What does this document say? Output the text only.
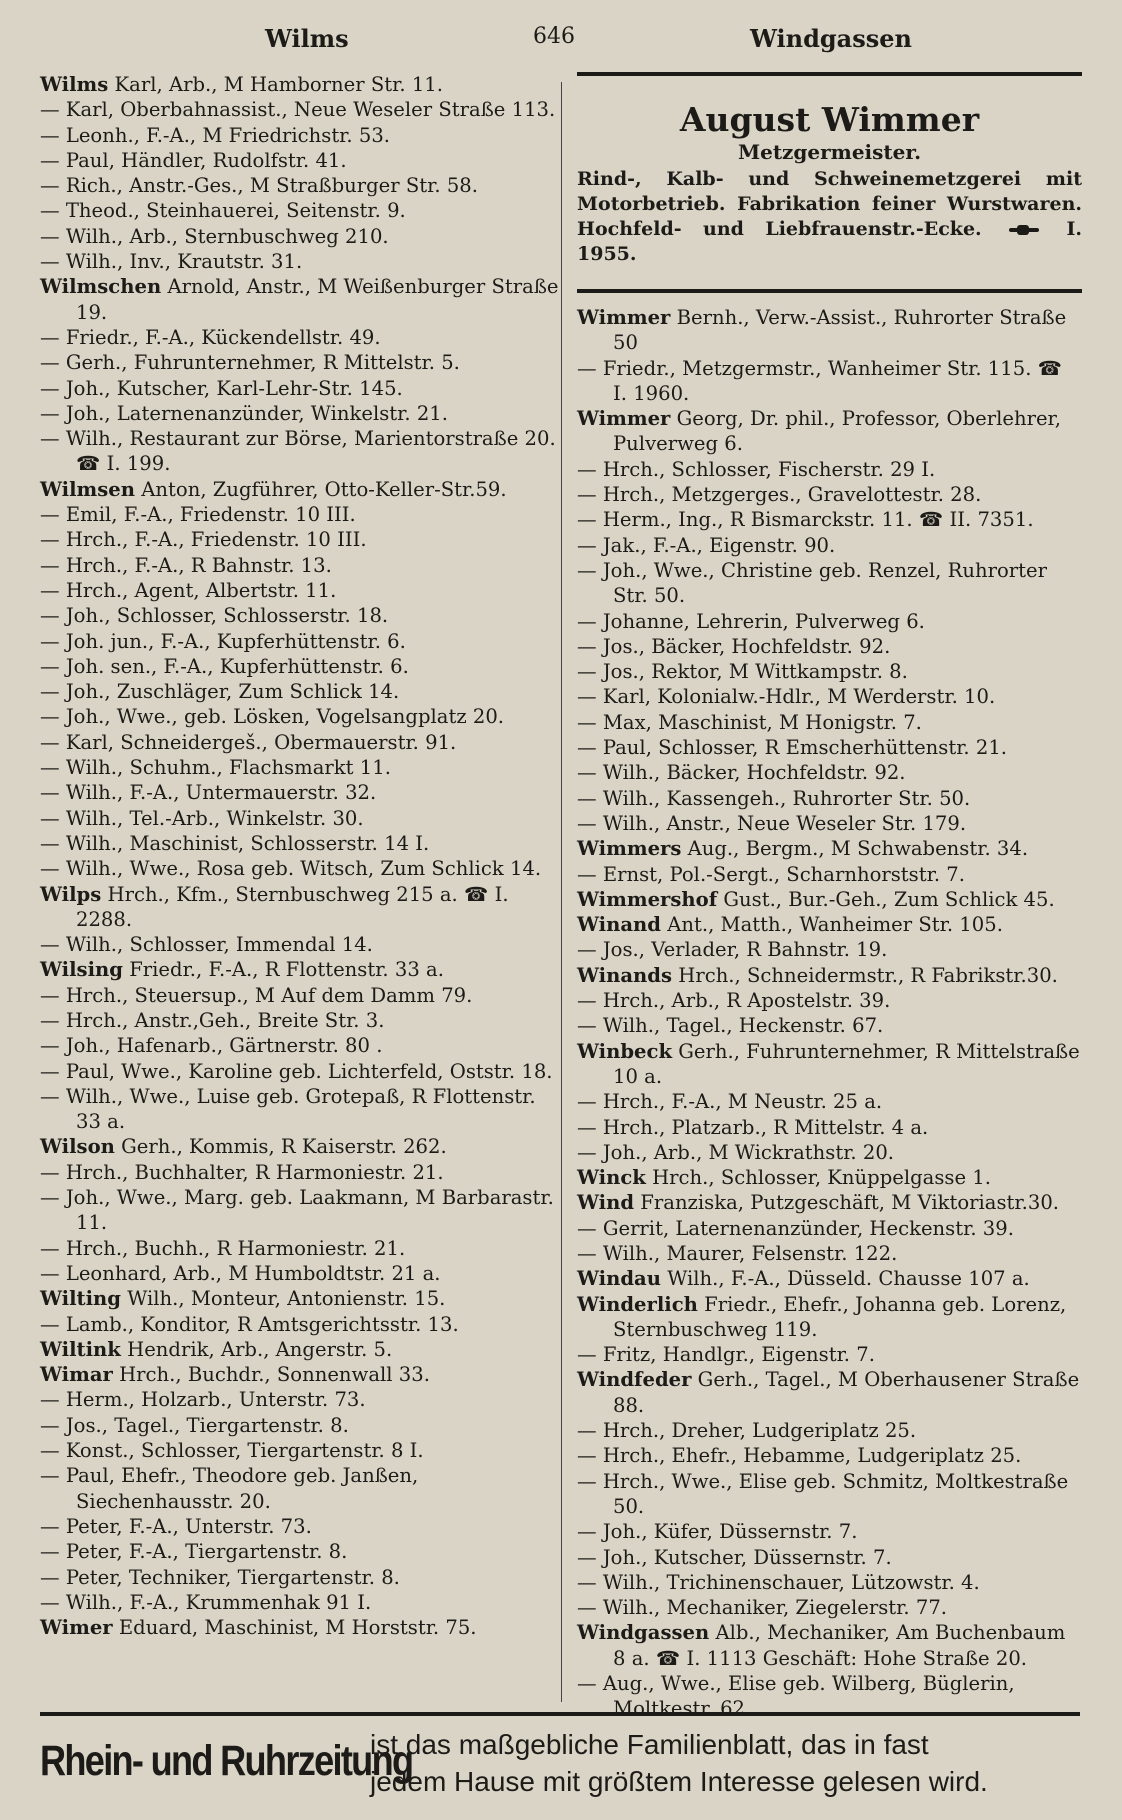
Wilms	646	Windgassen

Wilms Karl, Arb., M Hamborner Str. 11.

— Karl, Oberbahnassist., Neue Weseler Straße 113.

— Leonh., F.-A., M Friedrichstr. 53.

— Paul, Händler, Rudolfstr. 41.

— Rich., Anstr.-Ges., M Straßburger Str. 58.

— Theod., Steinhauerei, Seitenstr. 9.

— Wilh., Arb., Sternbuschweg 210.

— Wilh., Inv., Krautstr. 31.

Wilmschen Arnold, Anstr., M Weißenburger Straße 19.

— Friedr., F.-A., Kückendellstr. 49.

— Gerh., Fuhrunternehmer, R Mittelstr. 5.

— Joh., Kutscher, Karl-Lehr-Str. 145.

— Joh., Laternenanzünder, Winkelstr. 21.

— Wilh., Restaurant zur Börse, Marientorstraße 20. ☎ I. 199.

Wilmsen Anton, Zugführer, Otto-Keller-Str.59.

— Emil, F.-A., Friedenstr. 10 III.

— Hrch., F.-A., Friedenstr. 10 III.

— Hrch., F.-A., R Bahnstr. 13.

— Hrch., Agent, Albertstr. 11.

— Joh., Schlosser, Schlosserstr. 18.

— Joh. jun., F.-A., Kupferhüttenstr. 6.

— Joh. sen., F.-A., Kupferhüttenstr. 6.

— Joh., Zuschläger, Zum Schlick 14.

— Joh., Wwe., geb. Lösken, Vogelsangplatz 20.

— Karl, Schneidergeš., Obermauerstr. 91.

— Wilh., Schuhm., Flachsmarkt 11.

— Wilh., F.-A., Untermauerstr. 32.

— Wilh., Tel.-Arb., Winkelstr. 30.

— Wilh., Maschinist, Schlosserstr. 14 I.

— Wilh., Wwe., Rosa geb. Witsch, Zum Schlick 14.

Wilps Hrch., Kfm., Sternbuschweg 215 a. ☎ I. 2288.

— Wilh., Schlosser, Immendal 14.

Wilsing Friedr., F.-A., R Flottenstr. 33 a.

— Hrch., Steuersup., M Auf dem Damm 79.

— Hrch., Anstr.,Geh., Breite Str. 3.

— Joh., Hafenarb., Gärtnerstr. 80 .

— Paul, Wwe., Karoline geb. Lichterfeld, Oststr. 18.

— Wilh., Wwe., Luise geb. Grotepaß, R Flottenstr. 33 a.

Wilson Gerh., Kommis, R Kaiserstr. 262.

— Hrch., Buchhalter, R Harmoniestr. 21.

— Joh., Wwe., Marg. geb. Laakmann, M Barbarastr. 11.

— Hrch., Buchh., R Harmoniestr. 21.

— Leonhard, Arb., M Humboldtstr. 21 a.

Wilting Wilh., Monteur, Antonienstr. 15.

— Lamb., Konditor, R Amtsgerichtsstr. 13.

Wiltink Hendrik, Arb., Angerstr. 5.

Wimar Hrch., Buchdr., Sonnenwall 33.

— Herm., Holzarb., Unterstr. 73.

— Jos., Tagel., Tiergartenstr. 8.

— Konst., Schlosser, Tiergartenstr. 8 I.

— Paul, Ehefr., Theodore geb. Janßen, Siechenhausstr. 20.

— Peter, F.-A., Unterstr. 73.

— Peter, F.-A., Tiergartenstr. 8.

— Peter, Techniker, Tiergartenstr. 8.

— Wilh., F.-A., Krummenhak 91 I.

Wimer Eduard, Maschinist, M Horststr. 75.

August Wimmer

Metzgermeister.

Rind-, Kalb- und Schweinemetzgerei mit Motorbetrieb. Fabrikation feiner Wurstwaren. Hochfeld- und Liebfrauenstr.-Ecke.	I. 1955.

Wimmer Bernh., Verw.-Assist., Ruhrorter Straße 50

— Friedr., Metzgermstr., Wanheimer Str. 115. ☎ I. 1960.

Wimmer Georg, Dr. phil., Professor, Oberlehrer, Pulverweg 6.

— Hrch., Schlosser, Fischerstr. 29 I.

— Hrch., Metzgerges., Gravelottestr. 28.

— Herm., Ing., R Bismarckstr. 11. ☎ II. 7351.

— Jak., F.-A., Eigenstr. 90.

— Joh., Wwe., Christine geb. Renzel, Ruhrorter Str. 50.

— Johanne, Lehrerin, Pulverweg 6.

— Jos., Bäcker, Hochfeldstr. 92.

— Jos., Rektor, M Wittkampstr. 8.

— Karl, Kolonialw.-Hdlr., M Werderstr. 10.

— Max, Maschinist, M Honigstr. 7.

— Paul, Schlosser, R Emscherhüttenstr. 21.

— Wilh., Bäcker, Hochfeldstr. 92.

— Wilh., Kassengeh., Ruhrorter Str. 50.

— Wilh., Anstr., Neue Weseler Str. 179.

Wimmers Aug., Bergm., M Schwabenstr. 34.

— Ernst, Pol.-Sergt., Scharnhorststr. 7.

Wimmershof Gust., Bur.-Geh., Zum Schlick 45.

Winand Ant., Matth., Wanheimer Str. 105.

— Jos., Verlader, R Bahnstr. 19.

Winands Hrch., Schneidermstr., R Fabrikstr.30.

— Hrch., Arb., R Apostelstr. 39.

— Wilh., Tagel., Heckenstr. 67.

Winbeck Gerh., Fuhrunternehmer, R Mittelstraße 10 a.

— Hrch., F.-A., M Neustr. 25 a.

— Hrch., Platzarb., R Mittelstr. 4 a.

— Joh., Arb., M Wickrathstr. 20.

Winck Hrch., Schlosser, Knüppelgasse 1.

Wind Franziska, Putzgeschäft, M Viktoriastr.30.

— Gerrit, Laternenanzünder, Heckenstr. 39.

— Wilh., Maurer, Felsenstr. 122.

Windau Wilh., F.-A., Düsseld. Chausse 107 a.

Winderlich Friedr., Ehefr., Johanna geb. Lorenz, Sternbuschweg 119.

— Fritz, Handlgr., Eigenstr. 7.

Windfeder Gerh., Tagel., M Oberhausener Straße 88.

— Hrch., Dreher, Ludgeriplatz 25.

— Hrch., Ehefr., Hebamme, Ludgeriplatz 25.

— Hrch., Wwe., Elise geb. Schmitz, Moltkestraße 50.

— Joh., Küfer, Düssernstr. 7.

— Joh., Kutscher, Düssernstr. 7.

— Wilh., Trichinenschauer, Lützowstr. 4.

— Wilh., Mechaniker, Ziegelerstr. 77.

Windgassen Alb., Mechaniker, Am Buchenbaum 8 a. ☎ I. 1113 Geschäft: Hohe Straße 20.

— Aug., Wwe., Elise geb. Wilberg, Büglerin, Moltkestr. 62.

Rhein- und Ruhrzeitung
ist das maßgebliche Familienblatt, das in fast
jedem Hause mit größtem Interesse gelesen wird.
